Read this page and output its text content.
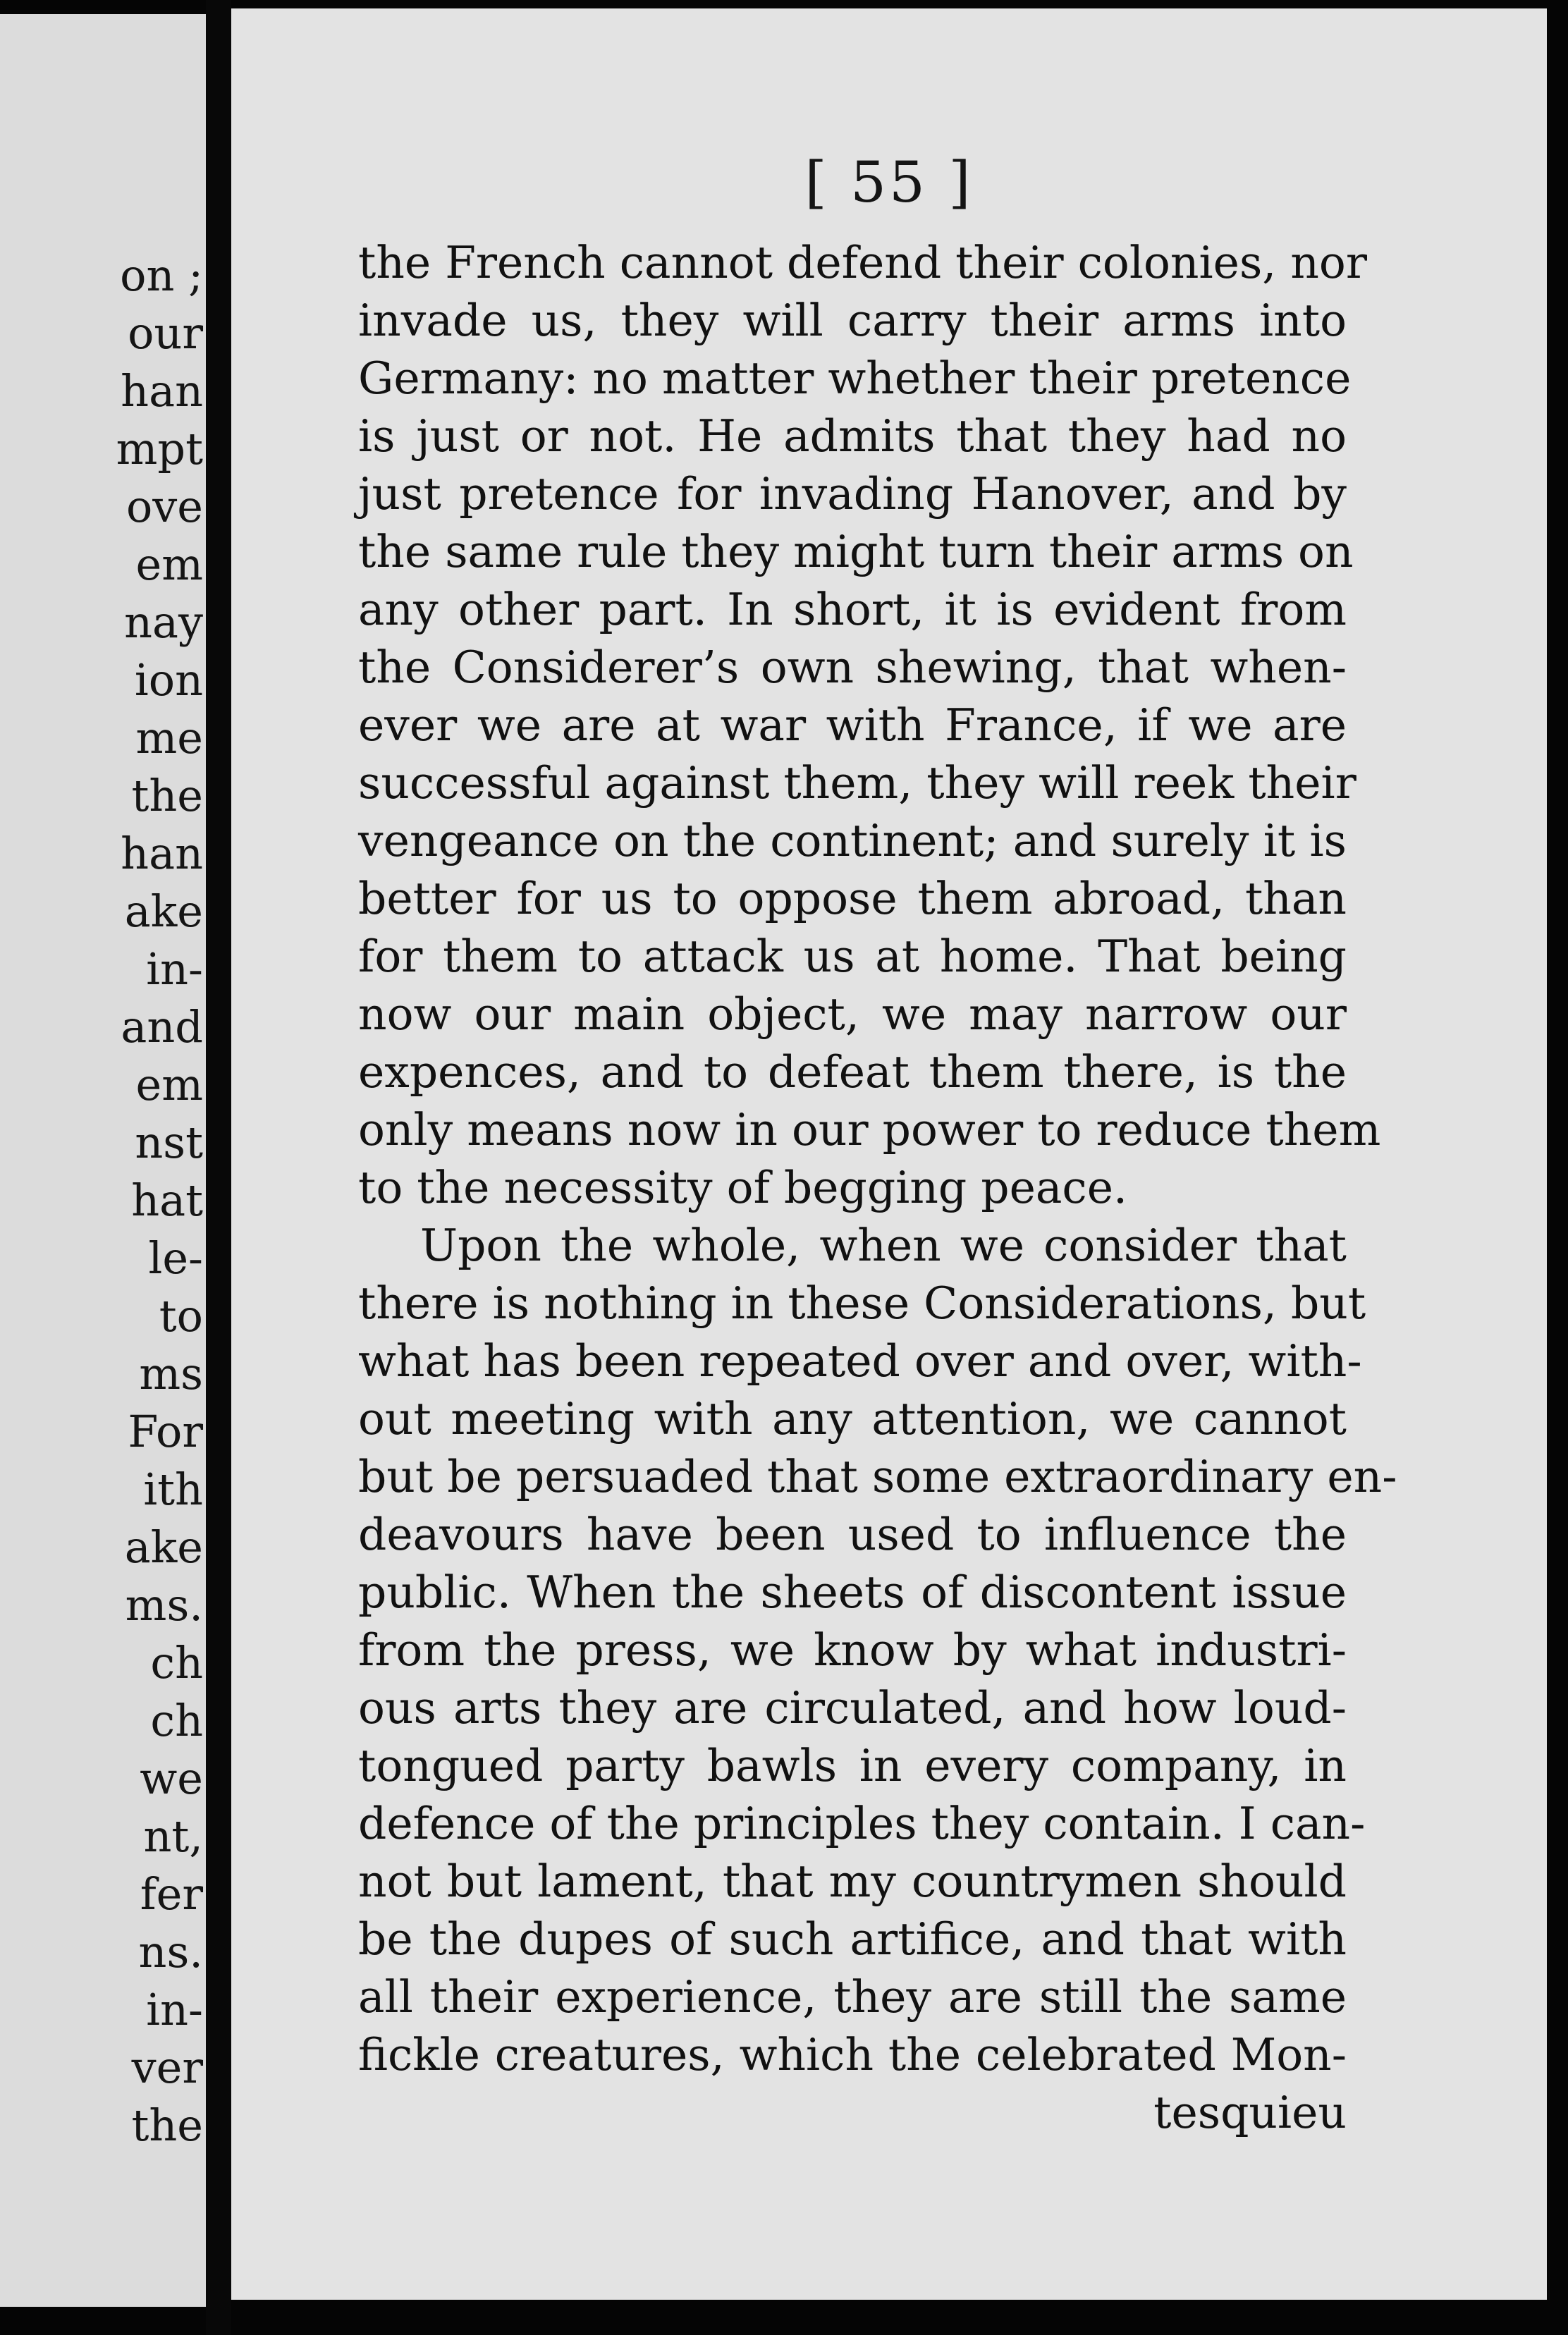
on ;
our
han
mpt
ove
em
nay
ion
me
the
han
ake
in-
and
em
nst
hat
le-
to
ms
For
ith
ake
ms.
ch
ch
we
nt,
fer
ns.
in-
ver
the
[ 55 ]
the French cannot defend their colonies, nor
invade us, they will carry their arms into
Germany: no matter whether their pretence
is just or not. He admits that they had no
just pretence for invading Hanover, and by
the same rule they might turn their arms on
any other part. In short, it is evident from
the Considerer’s own shewing, that when-
ever we are at war with France, if we are
successful against them, they will reek their
vengeance on the continent; and surely it is
better for us to oppose them abroad, than
for them to attack us at home. That being
now our main object, we may narrow our
expences, and to defeat them there, is the
only means now in our power to reduce them
to the necessity of begging peace.
Upon the whole, when we consider that
there is nothing in these Considerations, but
what has been repeated over and over, with-
out meeting with any attention, we cannot
but be persuaded that some extraordinary en-
deavours have been used to influence the
public. When the sheets of discontent issue
from the press, we know by what industri-
ous arts they are circulated, and how loud-
tongued party bawls in every company, in
defence of the principles they contain. I can-
not but lament, that my countrymen should
be the dupes of such artifice, and that with
all their experience, they are still the same
fickle creatures, which the celebrated Mon-
tesquieu
